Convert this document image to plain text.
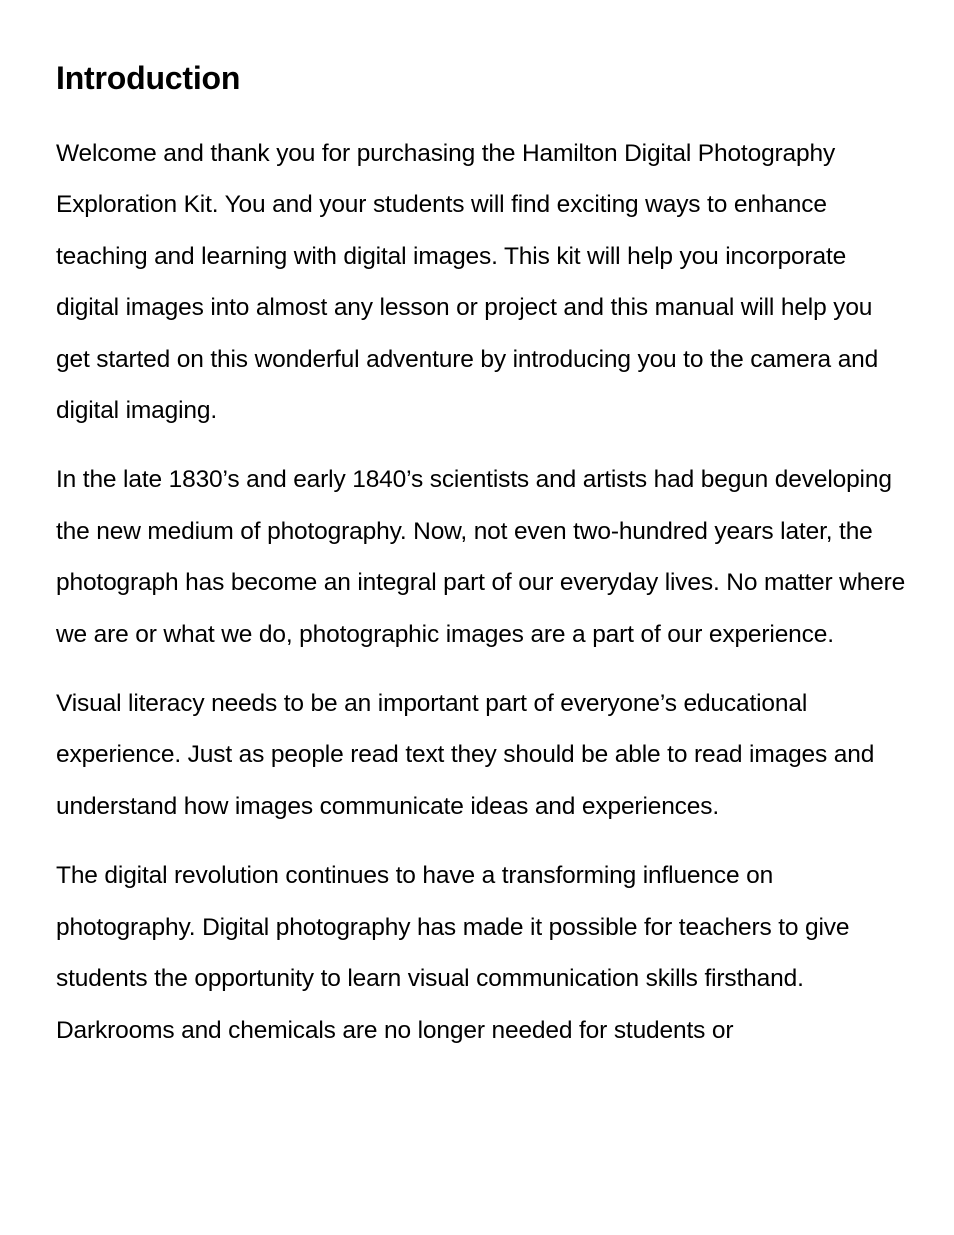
Introduction

Welcome and thank you for purchasing the Hamilton Digital Photography Exploration Kit. You and your students will find exciting ways to enhance teaching and learning with digital images. This kit will help you incorporate digital images into almost any lesson or project and this manual will help you get started on this wonderful adventure by introducing you to the camera and digital imaging.

In the late 1830’s and early 1840’s scientists and artists had begun developing the new medium of photography. Now, not even two-hundred years later, the photograph has become an integral part of our everyday lives. No matter where we are or what we do, photographic images are a part of our experience.

Visual literacy needs to be an important part of everyone’s educational experience. Just as people read text they should be able to read images and understand how images communicate ideas and experiences.

The digital revolution continues to have a transforming influence on photography. Digital photography has made it possible for teachers to give students the opportunity to learn visual communication skills firsthand. Darkrooms and chemicals are no longer needed for students or
